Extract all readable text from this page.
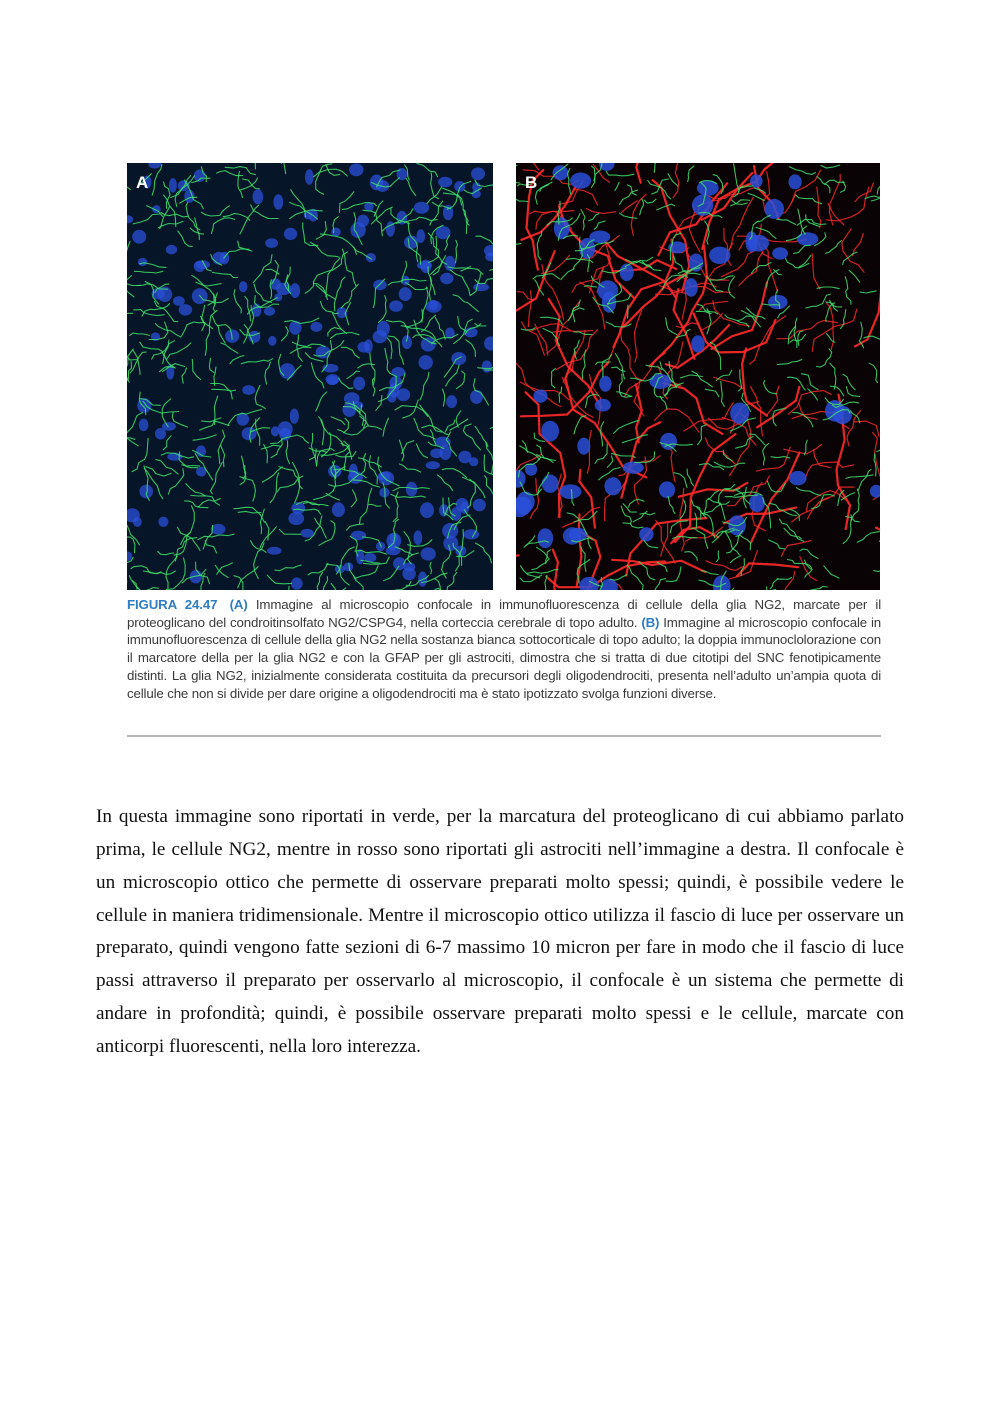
A	B
FIGURA 24.47 (A) Immagine al microscopio confocale in immunofluorescenza di cellule della glia NG2, marcate per il proteoglicano del condroitinsolfato NG2/CSPG4, nella corteccia cerebrale di topo adulto. (B) Immagine al microscopio confocale in immunofluorescenza di cellule della glia NG2 nella sostanza bianca sottocorticale di topo adulto; la doppia immunoclolorazione con il marcatore della per la glia NG2 e con la GFAP per gli astrociti, dimostra che si tratta di due citotipi del SNC fenotipicamente distinti. La glia NG2, inizialmente considerata costituita da precursori degli oligodendrociti, presenta nell’adulto un’ampia quota di cellule che non si divide per dare origine a oligodendrociti ma è stato ipotizzato svolga funzioni diverse.

In questa immagine sono riportati in verde, per la marcatura del proteoglicano di cui abbiamo parlato prima, le cellule NG2, mentre in rosso sono riportati gli astrociti nell’immagine a destra. Il confocale è un microscopio ottico che permette di osservare preparati molto spessi; quindi, è possibile vedere le cellule in maniera tridimensionale. Mentre il microscopio ottico utilizza il fascio di luce per osservare un preparato, quindi vengono fatte sezioni di 6-7 massimo 10 micron per fare in modo che il fascio di luce passi attraverso il preparato per osservarlo al microscopio, il confocale è un sistema che permette di andare in profondità; quindi, è possibile osservare preparati molto spessi e le cellule, marcate con anticorpi fluorescenti, nella loro interezza.
